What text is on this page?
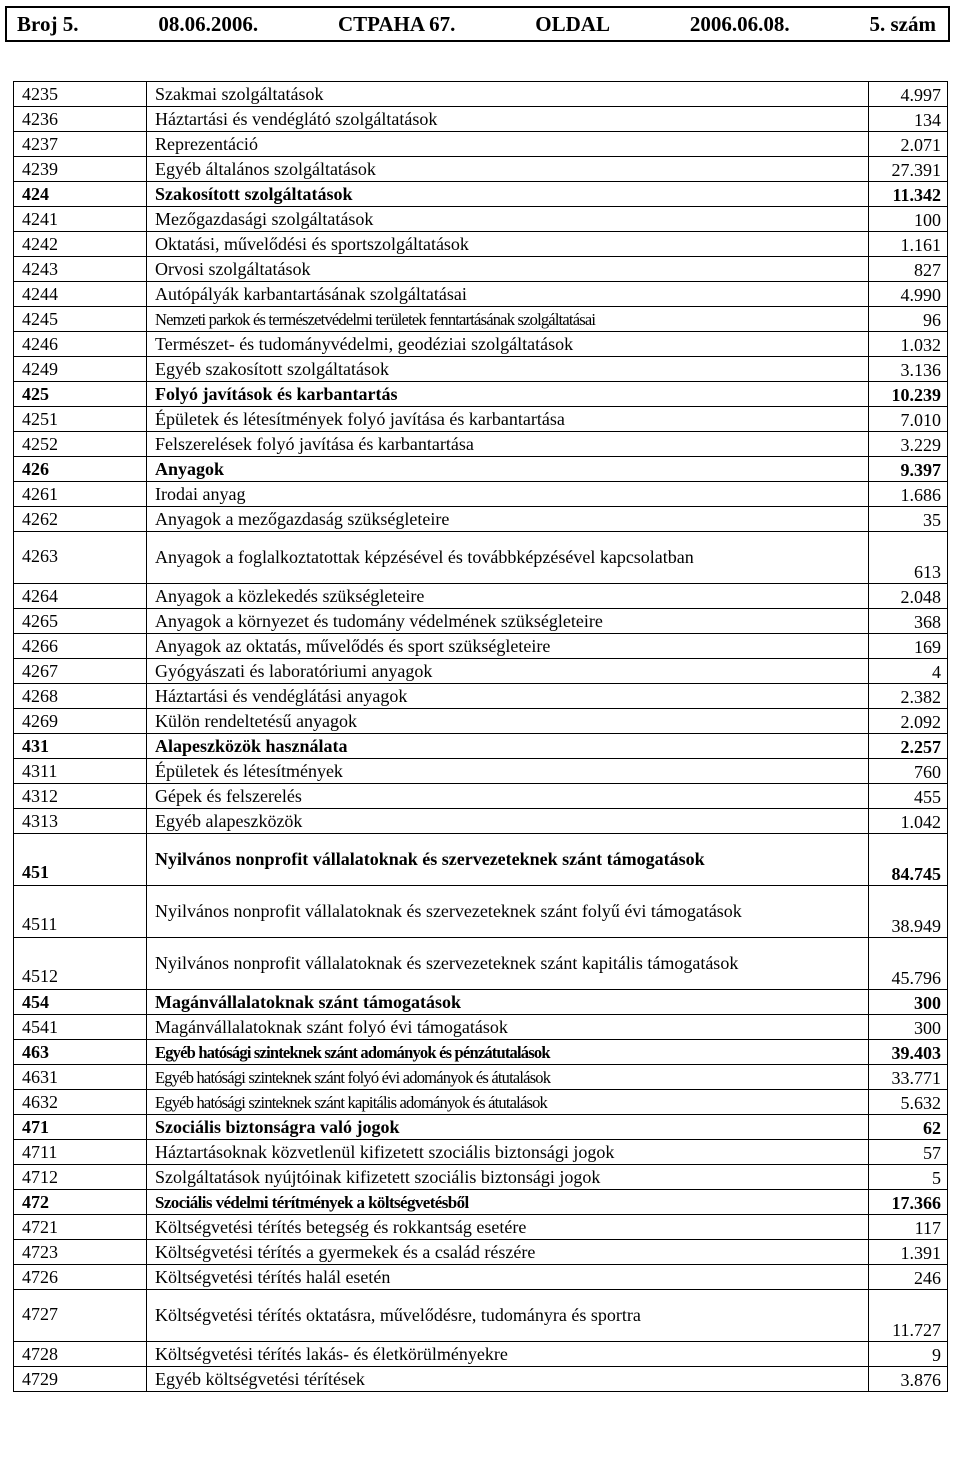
Broj 5.	08.06.2006.	CTPAHA 67.	OLDAL	2006.06.08.	5. szám
4235	Szakmai szolgáltatások	4.997
4236	Háztartási és vendéglátó szolgáltatások	134
4237	Reprezentáció	2.071
4239	Egyéb általános szolgáltatások	27.391
424	Szakosított szolgáltatások	11.342
4241	Mezőgazdasági szolgáltatások	100
4242	Oktatási, művelődési és sportszolgáltatások	1.161
4243	Orvosi szolgáltatások	827
4244	Autópályák karbantartásának szolgáltatásai	4.990
4245	Nemzeti parkok és természetvédelmi területek fenntartásának szolgáltatásai	96
4246	Természet- és tudományvédelmi, geodéziai szolgáltatások	1.032
4249	Egyéb szakosított szolgáltatások	3.136
425	Folyó javítások és karbantartás	10.239
4251	Épületek és létesítmények folyó javítása és karbantartása	7.010
4252	Felszerelések folyó javítása és karbantartása	3.229
426	Anyagok	9.397
4261	Irodai anyag	1.686
4262	Anyagok a mezőgazdaság szükségleteire	35
4263	Anyagok a foglalkoztatottak képzésével és továbbképzésével kapcsolatban	613
4264	Anyagok a közlekedés szükségleteire	2.048
4265	Anyagok a környezet és tudomány védelmének szükségleteire	368
4266	Anyagok az oktatás, művelődés és sport szükségleteire	169
4267	Gyógyászati és laboratóriumi anyagok	4
4268	Háztartási és vendéglátási anyagok	2.382
4269	Külön rendeltetésű anyagok	2.092
431	Alapeszközök használata	2.257
4311	Épületek és létesítmények	760
4312	Gépek és felszerelés	455
4313	Egyéb alapeszközök	1.042
451	Nyilvános nonprofit vállalatoknak és szervezeteknek szánt támogatások	84.745
4511	Nyilvános nonprofit vállalatoknak és szervezeteknek szánt folyű évi támogatások	38.949
4512	Nyilvános nonprofit vállalatoknak és szervezeteknek szánt kapitális támogatások	45.796
454	Magánvállalatoknak szánt támogatások	300
4541	Magánvállalatoknak szánt folyó évi támogatások	300
463	Egyéb hatósági szinteknek szánt adományok és pénzátutalások	39.403
4631	Egyéb hatósági szinteknek szánt folyó évi adományok és átutalások	33.771
4632	Egyéb hatósági szinteknek szánt kapitális adományok és átutalások	5.632
471	Szociális biztonságra való jogok	62
4711	Háztartásoknak közvetlenül kifizetett szociális biztonsági jogok	57
4712	Szolgáltatások nyújtóinak kifizetett szociális biztonsági jogok	5
472	Szociális védelmi térítmények a költségvetésből	17.366
4721	Költségvetési térítés betegség és rokkantság esetére	117
4723	Költségvetési térítés a gyermekek és a család részére	1.391
4726	Költségvetési térítés halál esetén	246
4727	Költségvetési térítés oktatásra, művelődésre, tudományra és sportra	11.727
4728	Költségvetési térítés lakás- és életkörülményekre	9
4729	Egyéb költségvetési térítések	3.876
